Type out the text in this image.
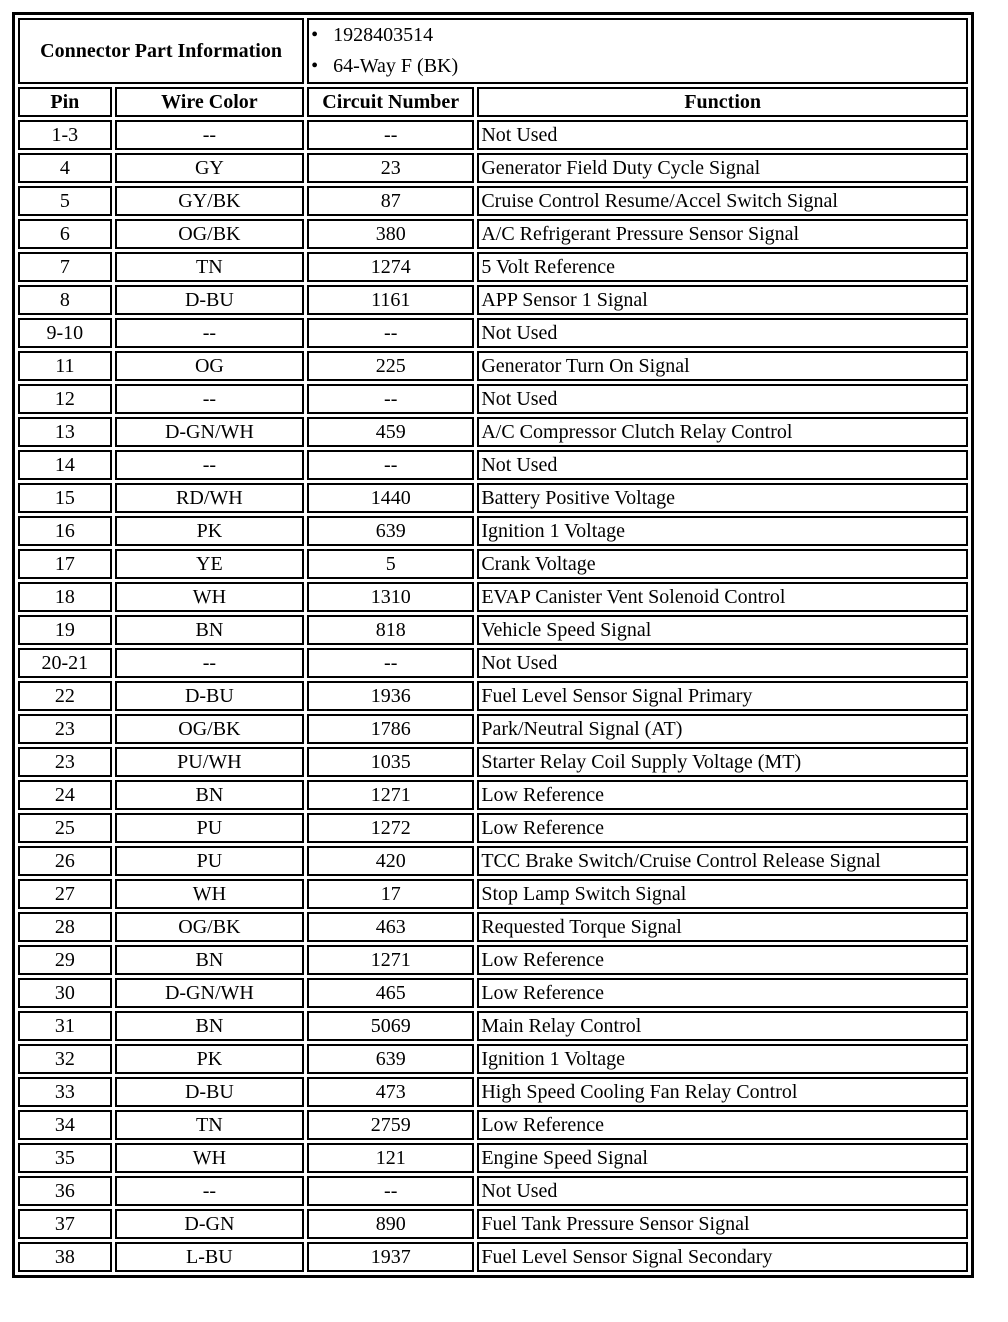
Connector Part Information		• 1928403514
• 64-Way F (BK)	

Pin	Wire Color	Circuit Number	Function
1-3	--	--	Not Used
4	GY	23	Generator Field Duty Cycle Signal
5	GY/BK	87	Cruise Control Resume/Accel Switch Signal
6	OG/BK	380	A/C Refrigerant Pressure Sensor Signal
7	TN	1274	5 Volt Reference
8	D-BU	1161	APP Sensor 1 Signal
9-10	--	--	Not Used
11	OG	225	Generator Turn On Signal
12	--	--	Not Used
13	D-GN/WH	459	A/C Compressor Clutch Relay Control
14	--	--	Not Used
15	RD/WH	1440	Battery Positive Voltage
16	PK	639	Ignition 1 Voltage
17	YE	5	Crank Voltage
18	WH	1310	EVAP Canister Vent Solenoid Control
19	BN	818	Vehicle Speed Signal
20-21	--	--	Not Used
22	D-BU	1936	Fuel Level Sensor Signal Primary
23	OG/BK	1786	Park/Neutral Signal (AT)
23	PU/WH	1035	Starter Relay Coil Supply Voltage (MT)
24	BN	1271	Low Reference
25	PU	1272	Low Reference
26	PU	420	TCC Brake Switch/Cruise Control Release Signal
27	WH	17	Stop Lamp Switch Signal
28	OG/BK	463	Requested Torque Signal
29	BN	1271	Low Reference
30	D-GN/WH	465	Low Reference
31	BN	5069	Main Relay Control
32	PK	639	Ignition 1 Voltage
33	D-BU	473	High Speed Cooling Fan Relay Control
34	TN	2759	Low Reference
35	WH	121	Engine Speed Signal
36	--	--	Not Used
37	D-GN	890	Fuel Tank Pressure Sensor Signal
38	L-BU	1937	Fuel Level Sensor Signal Secondary
